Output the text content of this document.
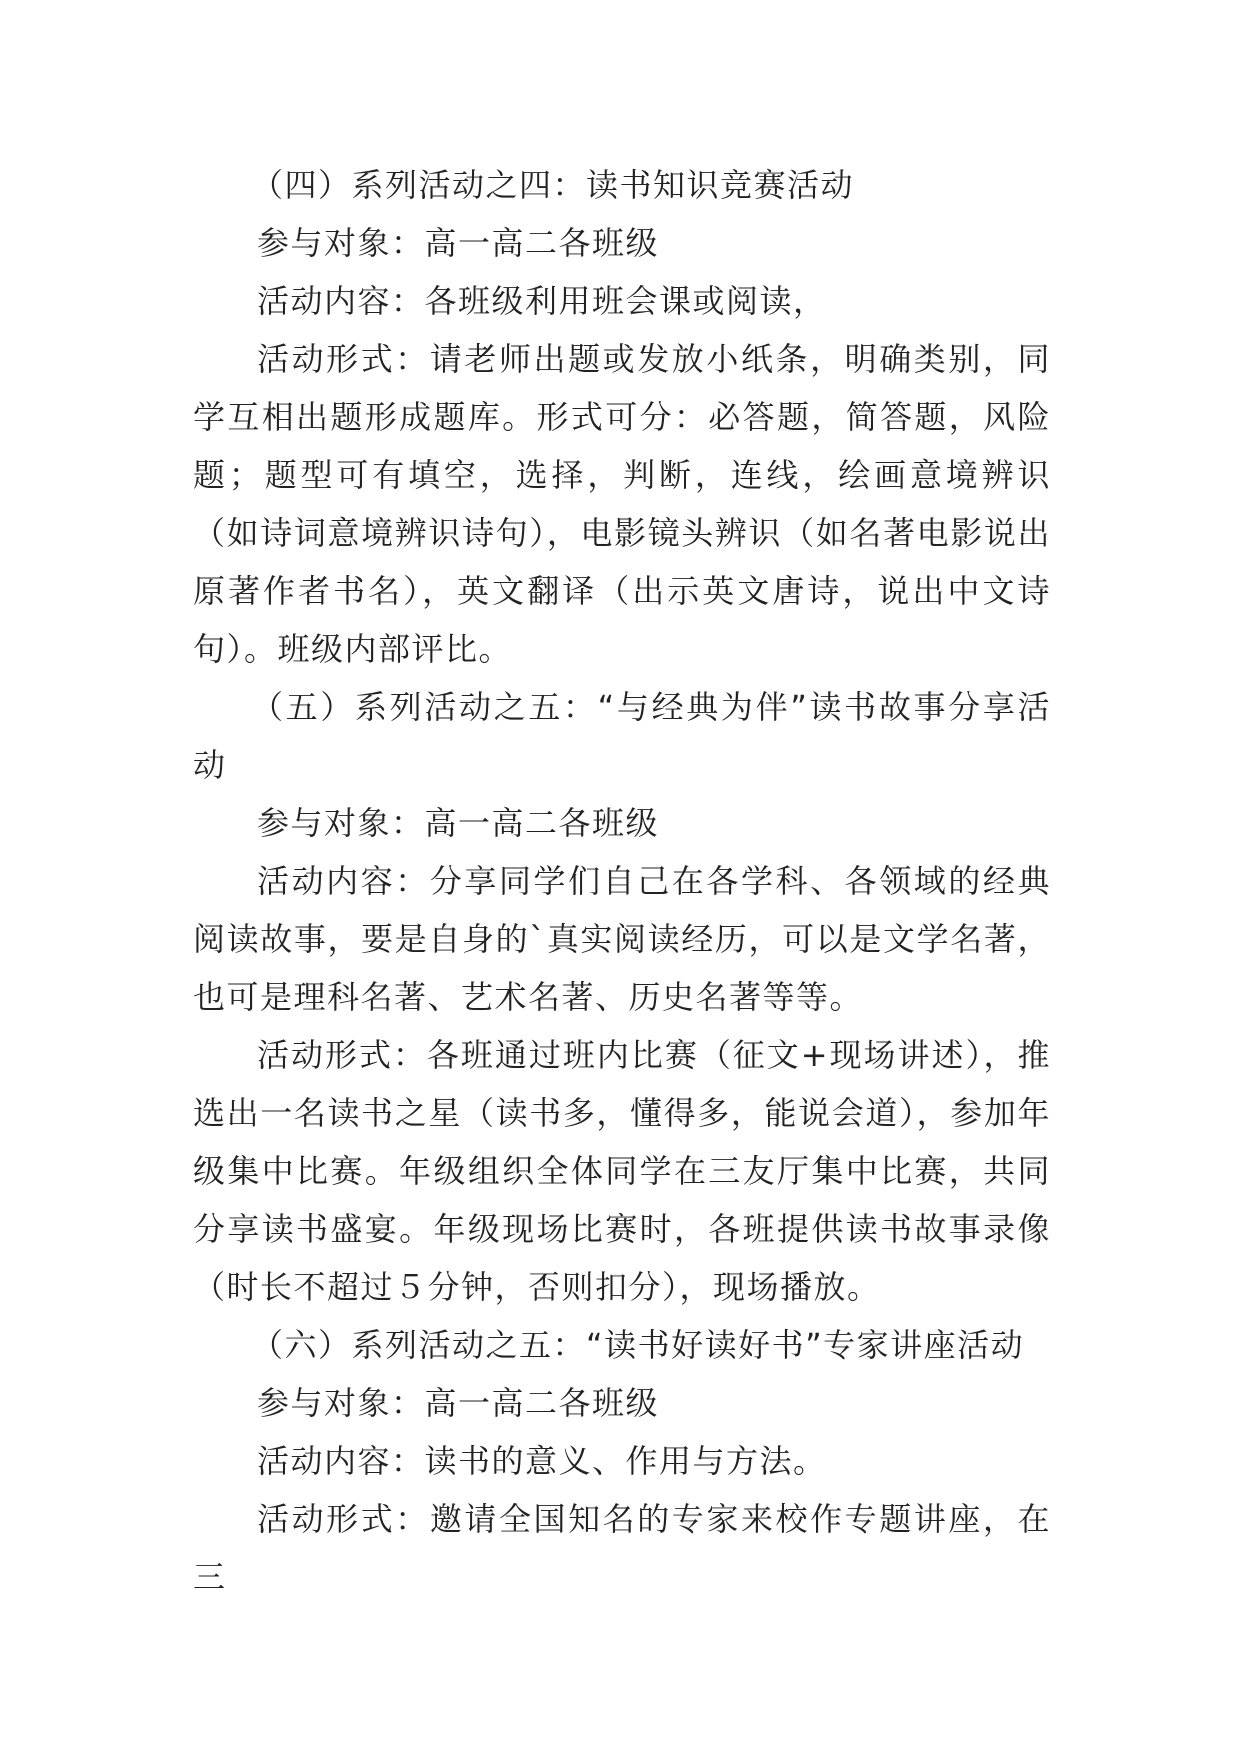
（四）系列活动之四：读书知识竞赛活动

参与对象：高一高二各班级

活动内容：各班级利用班会课或阅读，

活动形式：请老师出题或发放小纸条，明确类别，同学互相出题形成题库。形式可分：必答题，简答题，风险题；题型可有填空，选择，判断，连线，绘画意境辨识（如诗词意境辨识诗句），电影镜头辨识（如名著电影说出原著作者书名），英文翻译（出示英文唐诗，说出中文诗句）。班级内部评比。

（五）系列活动之五：“与经典为伴”读书故事分享活动

参与对象：高一高二各班级

活动内容：分享同学们自己在各学科、各领域的经典阅读故事，要是自身的`真实阅读经历，可以是文学名著，也可是理科名著、艺术名著、历史名著等等。

活动形式：各班通过班内比赛（征文+现场讲述），推选出一名读书之星（读书多，懂得多，能说会道），参加年级集中比赛。年级组织全体同学在三友厅集中比赛，共同分享读书盛宴。年级现场比赛时，各班提供读书故事录像（时长不超过５分钟，否则扣分），现场播放。

（六）系列活动之五：“读书好读好书”专家讲座活动

参与对象：高一高二各班级

活动内容：读书的意义、作用与方法。

活动形式：邀请全国知名的专家来校作专题讲座，在三
